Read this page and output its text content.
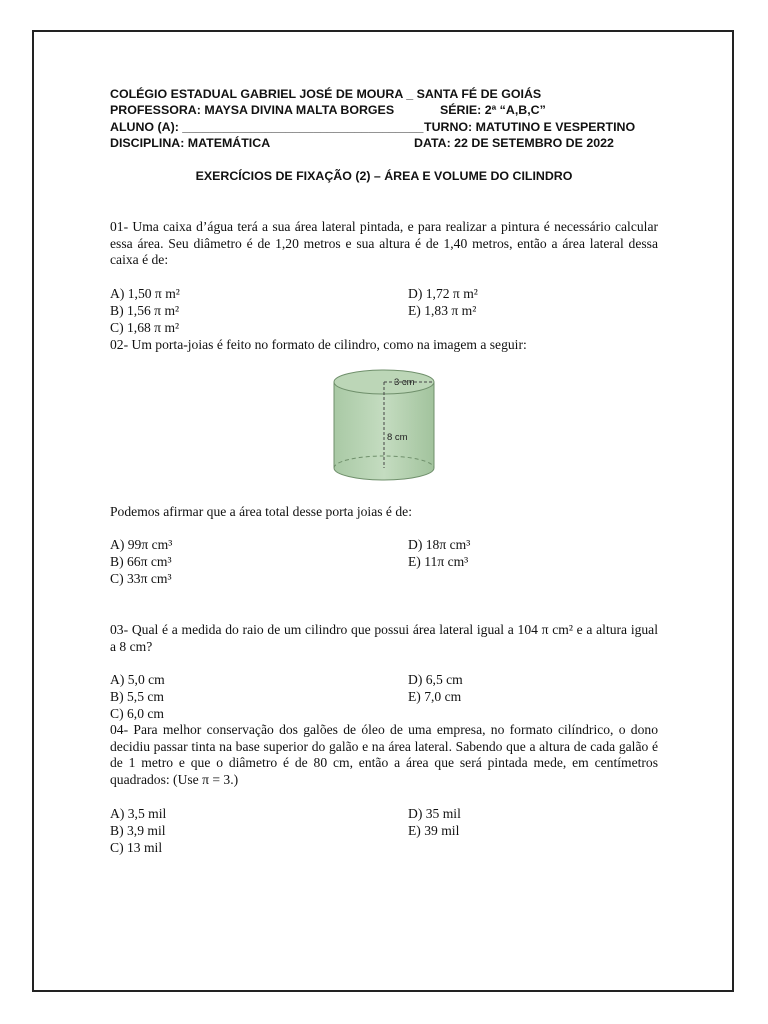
COLÉGIO ESTADUAL GABRIEL JOSÉ DE MOURA _ SANTA FÉ DE GOIÁS
PROFESSORA: MAYSA DIVINA MALTA BORGES	SÉRIE: 2ª “A,B,C”
ALUNO (A): ___________________________________ TURNO: MATUTINO E VESPERTINO
DISCIPLINA: MATEMÁTICA	DATA: 22 DE SETEMBRO DE 2022
EXERCÍCIOS DE FIXAÇÃO (2) – ÁREA E VOLUME DO CILINDRO
01- Uma caixa d’água terá a sua área lateral pintada, e para realizar a pintura é necessário calcular essa área. Seu diâmetro é de 1,20 metros e sua altura é de 1,40 metros, então a área lateral dessa caixa é de:
A) 1,50 π m²
B) 1,56 π m²
C) 1,68 π m²
D) 1,72 π m²
E) 1,83 π m²
02- Um porta-joias é feito no formato de cilindro, como na imagem a seguir:
3 cm
8 cm
Podemos afirmar que a área total desse porta joias é de:
A) 99π cm³
B) 66π cm³
C) 33π cm³
D) 18π cm³
E) 11π cm³
03- Qual é a medida do raio de um cilindro que possui área lateral igual a 104 π cm² e a altura igual a 8 cm?
A) 5,0 cm
B) 5,5 cm
C) 6,0 cm
D) 6,5 cm
E) 7,0 cm
04- Para melhor conservação dos galões de óleo de uma empresa, no formato cilíndrico, o dono decidiu passar tinta na base superior do galão e na área lateral. Sabendo que a altura de cada galão é de 1 metro e que o diâmetro é de 80 cm, então a área que será pintada mede, em centímetros quadrados: (Use π = 3.)
A) 3,5 mil
B) 3,9 mil
C) 13 mil
D) 35 mil
E) 39 mil
